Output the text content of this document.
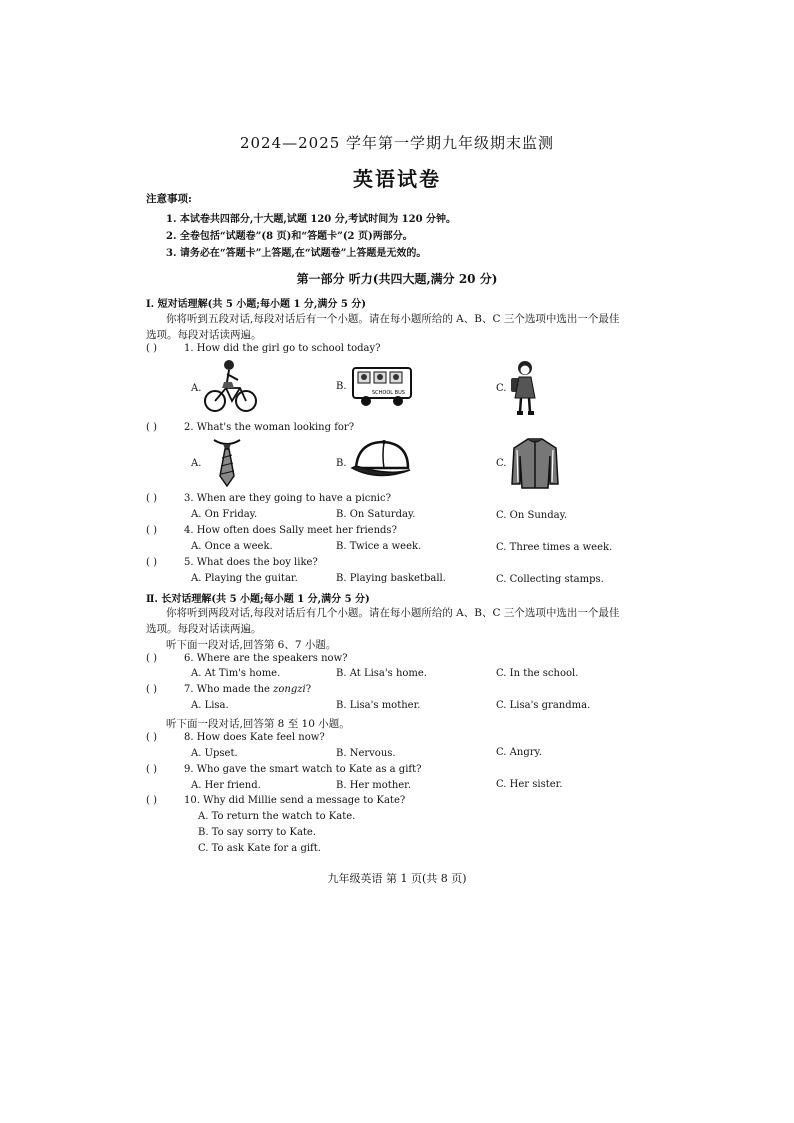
2024—2025 学年第一学期九年级期末监测
英语试卷
注意事项:
1. 本试卷共四部分,十大题,试题 120 分,考试时间为 120 分钟。
2. 全卷包括“试题卷”(8 页)和“答题卡”(2 页)两部分。
3. 请务必在“答题卡”上答题,在“试题卷”上答题是无效的。
第一部分 听力(共四大题,满分 20 分)
Ⅰ. 短对话理解(共 5 小题;每小题 1 分,满分 5 分)
你将听到五段对话,每段对话后有一个小题。请在每小题所给的 A、B、C 三个选项中选出一个最佳
选项。每段对话读两遍。
( )	1. How did the girl go to school today?
A.	B.
SCHOOL BUS	C.
( )	2. What's the woman looking for?
A.	B.	C.
( )	3. When are they going to have a picnic?
A. On Friday.	B. On Saturday.	C. On Sunday.
( )	4. How often does Sally meet her friends?
A. Once a week.	B. Twice a week.	C. Three times a week.
( )	5. What does the boy like?
A. Playing the guitar.	B. Playing basketball.	C. Collecting stamps.
Ⅱ. 长对话理解(共 5 小题;每小题 1 分,满分 5 分)
你将听到两段对话,每段对话后有几个小题。请在每小题所给的 A、B、C 三个选项中选出一个最佳
选项。每段对话读两遍。
听下面一段对话,回答第 6、7 小题。
( )	6. Where are the speakers now?
A. At Tim's home.	B. At Lisa's home.	C. In the school.
( )	7. Who made the zongzi?
A. Lisa.	B. Lisa's mother.	C. Lisa's grandma.
听下面一段对话,回答第 8 至 10 小题。
( )	8. How does Kate feel now?
A. Upset.	B. Nervous.	C. Angry.
( )	9. Who gave the smart watch to Kate as a gift?
A. Her friend.	B. Her mother.	C. Her sister.
( )	10. Why did Millie send a message to Kate?
A. To return the watch to Kate.
B. To say sorry to Kate.
C. To ask Kate for a gift.
九年级英语 第 1 页(共 8 页)
